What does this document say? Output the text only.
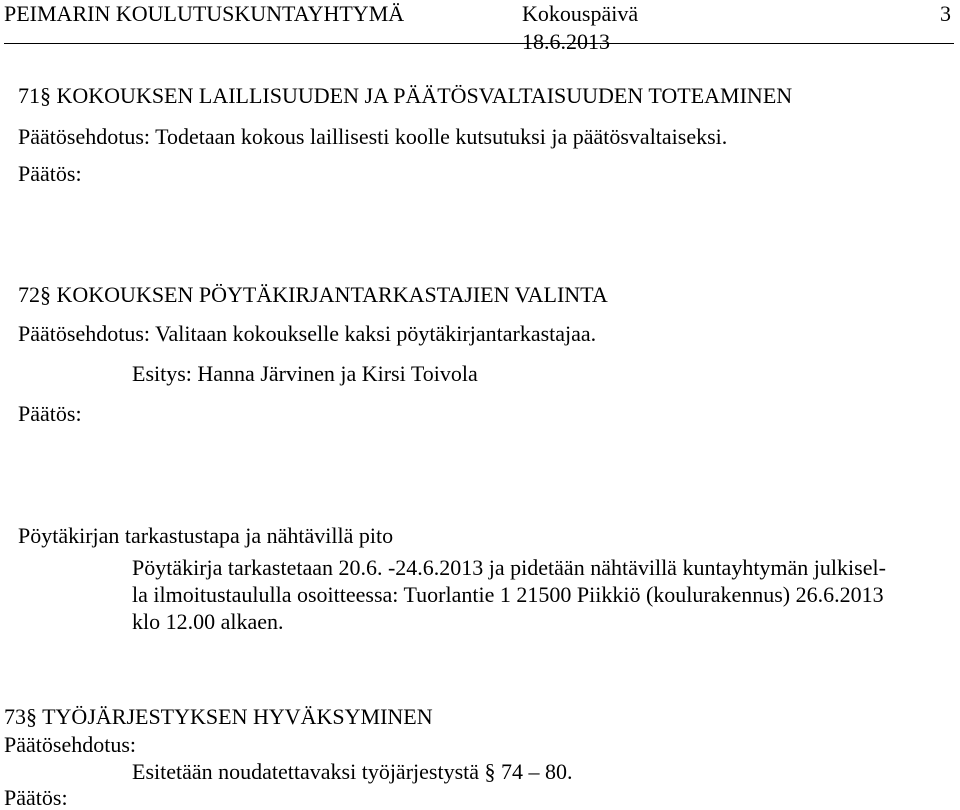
PEIMARIN KOULUTUSKUNTAYHTYMÄ	Kokouspäivä	3
18.6.2013
71§ KOKOUKSEN LAILLISUUDEN JA PÄÄTÖSVALTAISUUDEN TOTEAMINEN
Päätösehdotus: Todetaan kokous laillisesti koolle kutsutuksi ja päätösvaltaiseksi.
Päätös:
72§ KOKOUKSEN PÖYTÄKIRJANTARKASTAJIEN VALINTA
Päätösehdotus: Valitaan kokoukselle kaksi pöytäkirjantarkastajaa.
Esitys: Hanna Järvinen ja Kirsi Toivola
Päätös:
Pöytäkirjan tarkastustapa ja nähtävillä pito
Pöytäkirja tarkastetaan 20.6. -24.6.2013 ja pidetään nähtävillä kuntayhtymän julkisel-
la ilmoitustaululla osoitteessa: Tuorlantie 1 21500 Piikkiö (koulurakennus) 26.6.2013
klo 12.00 alkaen.
73§ TYÖJÄRJESTYKSEN HYVÄKSYMINEN
Päätösehdotus:
Esitetään noudatettavaksi työjärjestystä § 74 – 80.
Päätös:
